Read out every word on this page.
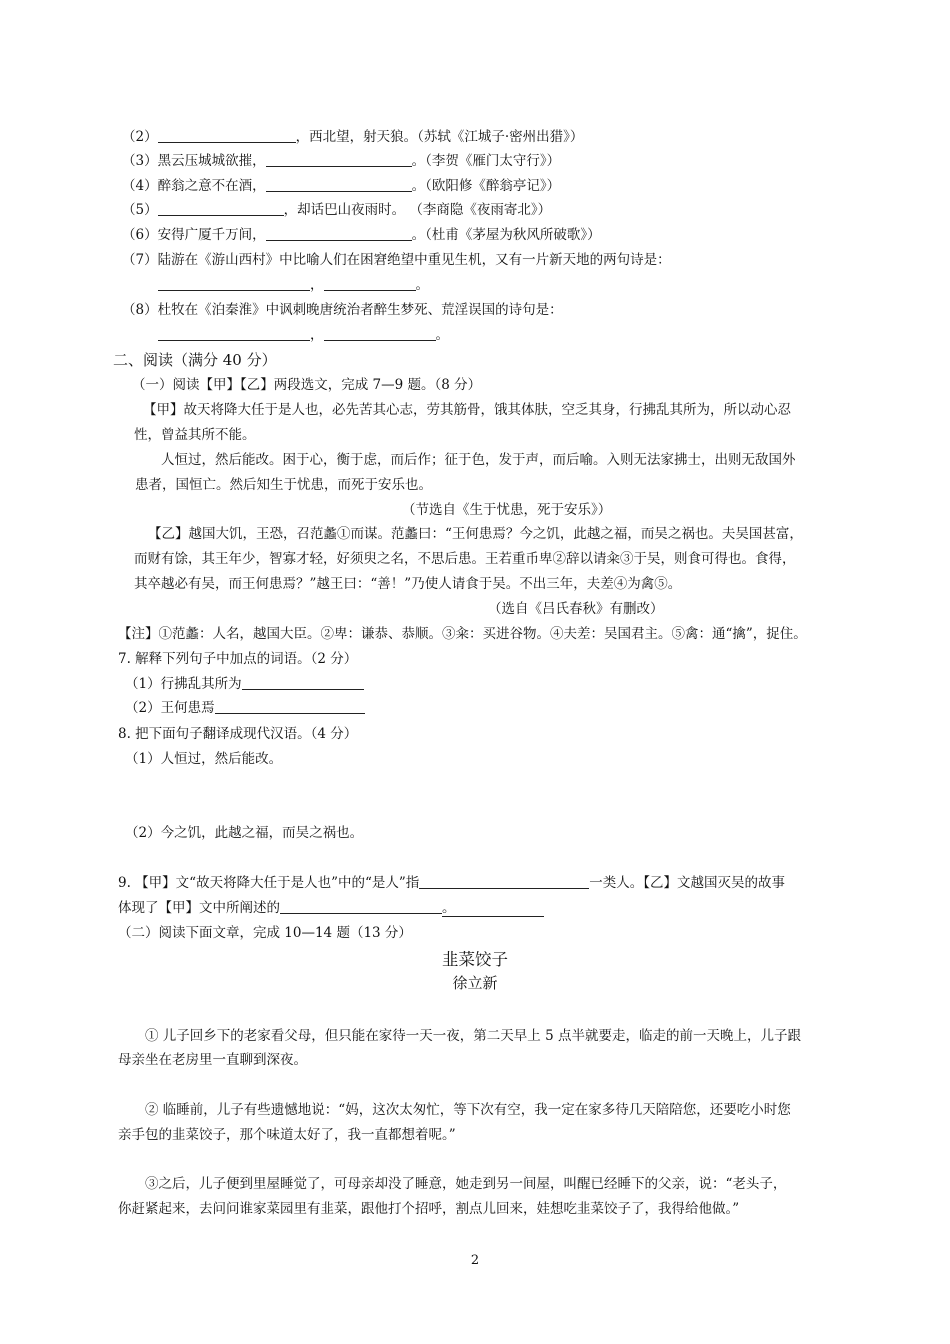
（2）	，西北望，射天狼。（苏轼《江城子·密州出猎》）
（3）黑云压城城欲摧，	。（李贺《雁门太守行》）
（4）醉翁之意不在酒，	。（欧阳修《醉翁亭记》）
（5）	，却话巴山夜雨时。 （李商隐《夜雨寄北》）
（6）安得广厦千万间，	。（杜甫《茅屋为秋风所破歌》）
（7）陆游在《游山西村》中比喻人们在困窘绝望中重见生机，又有一片新天地的两句诗是：
，	。
（8）杜牧在《泊秦淮》中讽刺晚唐统治者醉生梦死、荒淫误国的诗句是：
，	。
二、阅读（满分 40 分）
（一）阅读【甲】【乙】两段选文，完成 7—9 题。（8 分）
【甲】故天将降大任于是人也，必先苦其心志，劳其筋骨，饿其体肤，空乏其身，行拂乱其所为，所以动心忍
性，曾益其所不能。
人恒过，然后能改。困于心，衡于虑，而后作；征于色，发于声，而后喻。入则无法家拂士，出则无敌国外
患者，国恒亡。然后知生于忧患，而死于安乐也。
（节选自《生于忧患，死于安乐》）
【乙】越国大饥，王恐，召范蠡①而谋。范蠡曰：“王何患焉？今之饥，此越之福，而吴之祸也。夫吴国甚富，
而财有馀，其王年少，智寡才轻，好须臾之名，不思后患。王若重币卑②辞以请籴③于吴，则食可得也。食得，
其卒越必有吴，而王何患焉？”越王曰：“善！”乃使人请食于吴。不出三年，夫差④为禽⑤。
（选自《吕氏春秋》有删改）
【注】①范蠡：人名，越国大臣。②卑：谦恭、恭顺。③籴：买进谷物。④夫差：吴国君主。⑤禽：通“擒”，捉住。
7. 解释下列句子中加点的词语。（2 分）
（1）行拂乱其所为
（2）王何患焉
8. 把下面句子翻译成现代汉语。（4 分）
（1）人恒过，然后能改。
（2）今之饥，此越之福，而吴之祸也。
9. 【甲】文“故天将降大任于是人也”中的“是人”指	一类人。【乙】文越国灭吴的故事
体现了【甲】文中所阐述的	。
（二）阅读下面文章，完成 10—14 题（13 分）
韭菜饺子
徐立新
① 儿子回乡下的老家看父母，但只能在家待一天一夜，第二天早上 5 点半就要走，临走的前一天晚上，儿子跟
母亲坐在老房里一直聊到深夜。
② 临睡前，儿子有些遗憾地说：“妈，这次太匆忙，等下次有空，我一定在家多待几天陪陪您，还要吃小时您
亲手包的韭菜饺子，那个味道太好了，我一直都想着呢。”
③之后，儿子便到里屋睡觉了，可母亲却没了睡意，她走到另一间屋，叫醒已经睡下的父亲，说：“老头子，
你赶紧起来，去问问谁家菜园里有韭菜，跟他打个招呼，割点儿回来，娃想吃韭菜饺子了，我得给他做。”
2
